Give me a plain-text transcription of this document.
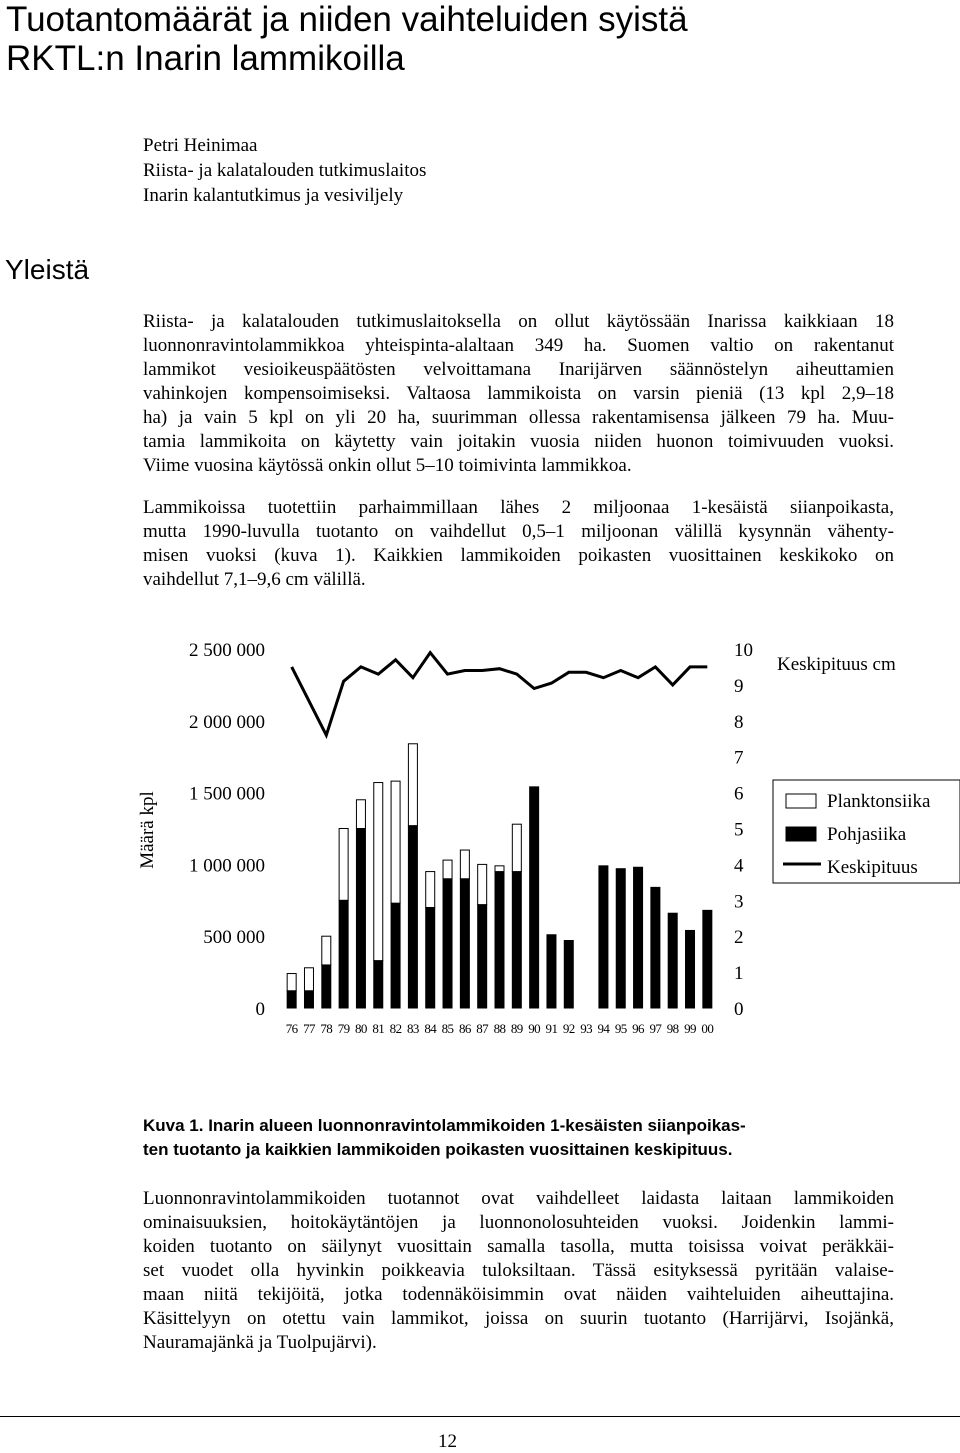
Tuotantomäärät ja niiden vaihteluiden syistä
RKTL:n Inarin lammikoilla
Petri Heinimaa
Riista- ja kalatalouden tutkimuslaitos
Inarin kalantutkimus ja vesiviljely
Yleistä
Riista- ja kalatalouden tutkimuslaitoksella on ollut käytössään Inarissa kaikkiaan 18
luonnonravintolammikkoa yhteispinta-alaltaan 349 ha. Suomen valtio on rakentanut
lammikot vesioikeuspäätösten velvoittamana Inarijärven säännöstelyn aiheuttamien
vahinkojen kompensoimiseksi. Valtaosa lammikoista on varsin pieniä (13 kpl 2,9–18
ha) ja vain 5 kpl on yli 20 ha, suurimman ollessa rakentamisensa jälkeen 79 ha. Muu-
tamia lammikoita on käytetty vain joitakin vuosia niiden huonon toimivuuden vuoksi.
Viime vuosina käytössä onkin ollut 5–10 toimivinta lammikkoa.
Lammikoissa tuotettiin parhaimmillaan lähes 2 miljoonaa 1-kesäistä siianpoikasta,
mutta 1990-luvulla tuotanto on vaihdellut 0,5–1 miljoonan välillä kysynnän vähenty-
misen vuoksi (kuva 1). Kaikkien lammikoiden poikasten vuosittainen keskikoko on
vaihdellut 7,1–9,6 cm välillä.
0
500 000
1 000 000
1 500 000
2 000 000
2 500 000
0
1
2
3
4
5
6
7
8
9
10
Määrä kpl
Keskipituus cm
76 77 78 79 80 81 82 83 84 85 86 87 88 89 90 91 92 93 94 95 96 97 98 99 00
Planktonsiika
Pohjasiika
Keskipituus
Kuva 1. Inarin alueen luonnonravintolammikoiden 1-kesäisten siianpoikas-
ten tuotanto ja kaikkien lammikoiden poikasten vuosittainen keskipituus.
Luonnonravintolammikoiden tuotannot ovat vaihdelleet laidasta laitaan lammikoiden
ominaisuuksien, hoitokäytäntöjen ja luonnonolosuhteiden vuoksi. Joidenkin lammi-
koiden tuotanto on säilynyt vuosittain samalla tasolla, mutta toisissa voivat peräkkäi-
set vuodet olla hyvinkin poikkeavia tuloksiltaan. Tässä esityksessä pyritään valaise-
maan niitä tekijöitä, jotka todennäköisimmin ovat näiden vaihteluiden aiheuttajina.
Käsittelyyn on otettu vain lammikot, joissa on suurin tuotanto (Harrijärvi, Isojänkä,
Nauramajänkä ja Tuolpujärvi).
12
